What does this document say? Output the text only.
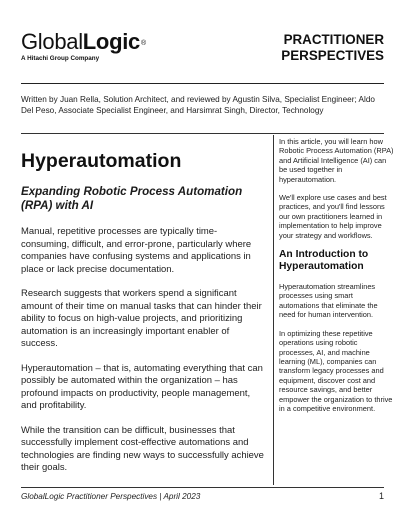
GlobalLogic®
A Hitachi Group Company
PRACTITIONER
PERSPECTIVES
Written by Juan Rella, Solution Architect, and reviewed by Agustin Silva, Specialist Engineer; Aldo Del Peso, Associate Specialist Engineer, and Harsimrat Singh, Director, Technology
Hyperautomation
Expanding Robotic Process Automation (RPA) with AI

Manual, repetitive processes are typically time-consuming, difficult, and error-prone, particularly where companies have confusing systems and applications in place or lack precise documentation.

Research suggests that workers spend a significant amount of their time on manual tasks that can hinder their ability to focus on high-value projects, and prioritizing automation is an increasingly important enabler of success.

Hyperautomation – that is, automating everything that can possibly be automated within the organization – has profound impacts on productivity, people management, and profitability.

While the transition can be difficult, businesses that successfully implement cost-effective automations and technologies are finding new ways to successfully achieve their goals.

In this article, you will learn how Robotic Process Automation (RPA) and Artificial Intelligence (AI) can be used together in hyperautomation.

We'll explore use cases and best practices, and you'll find lessons our own practitioners learned in implementation to help improve your strategy and workflows.

An Introduction to Hyperautomation

Hyperautomation streamlines processes using smart automations that eliminate the need for human intervention.

In optimizing these repetitive operations using robotic processes, AI, and machine learning (ML), companies can transform legacy processes and equipment, discover cost and resource savings, and better empower the organization to thrive in a competitive environment.

GlobalLogic Practitioner Perspectives | April 2023	1
